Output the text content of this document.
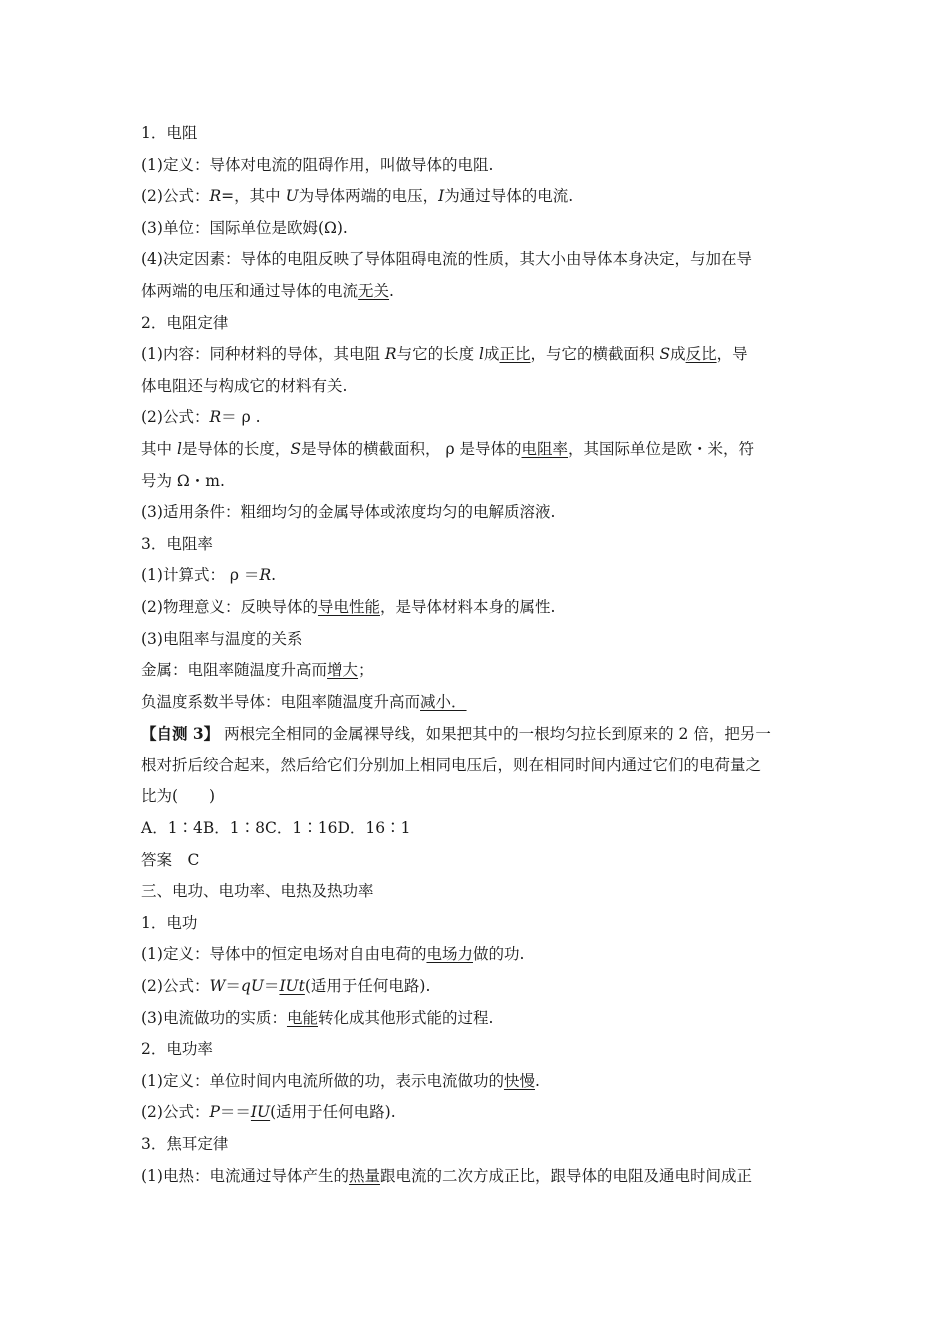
1．电阻
(1)定义：导体对电流的阻碍作用，叫做导体的电阻.
(2)公式：R=，其中 U为导体两端的电压，I为通过导体的电流.
(3)单位：国际单位是欧姆(Ω).
(4)决定因素：导体的电阻反映了导体阻碍电流的性质，其大小由导体本身决定，与加在导
体两端的电压和通过导体的电流无关.
2．电阻定律
(1)内容：同种材料的导体，其电阻 R与它的长度 l成正比，与它的横截面积 S成反比，导
体电阻还与构成它的材料有关.
(2)公式：R＝ ρ .
其中 l是导体的长度，S是导体的横截面积， ρ 是导体的电阻率，其国际单位是欧・米，符
号为 Ω・m.
(3)适用条件：粗细均匀的金属导体或浓度均匀的电解质溶液.
3．电阻率
(1)计算式： ρ ＝R.
(2)物理意义：反映导体的导电性能，是导体材料本身的属性.
(3)电阻率与温度的关系
金属：电阻率随温度升高而增大；
负温度系数半导体：电阻率随温度升高而减小．
【自测 3】 两根完全相同的金属裸导线，如果把其中的一根均匀拉长到原来的 2 倍，把另一
根对折后绞合起来，然后给它们分别加上相同电压后，则在相同时间内通过它们的电荷量之
比为(　　)
A．1∶4B．1∶8C．1∶16D．16∶1
答案　C
三、电功、电功率、电热及热功率
1．电功
(1)定义：导体中的恒定电场对自由电荷的电场力做的功.
(2)公式：W＝qU＝IUt(适用于任何电路).
(3)电流做功的实质：电能转化成其他形式能的过程.
2．电功率
(1)定义：单位时间内电流所做的功，表示电流做功的快慢.
(2)公式：P＝＝IU(适用于任何电路).
3．焦耳定律
(1)电热：电流通过导体产生的热量跟电流的二次方成正比，跟导体的电阻及通电时间成正
